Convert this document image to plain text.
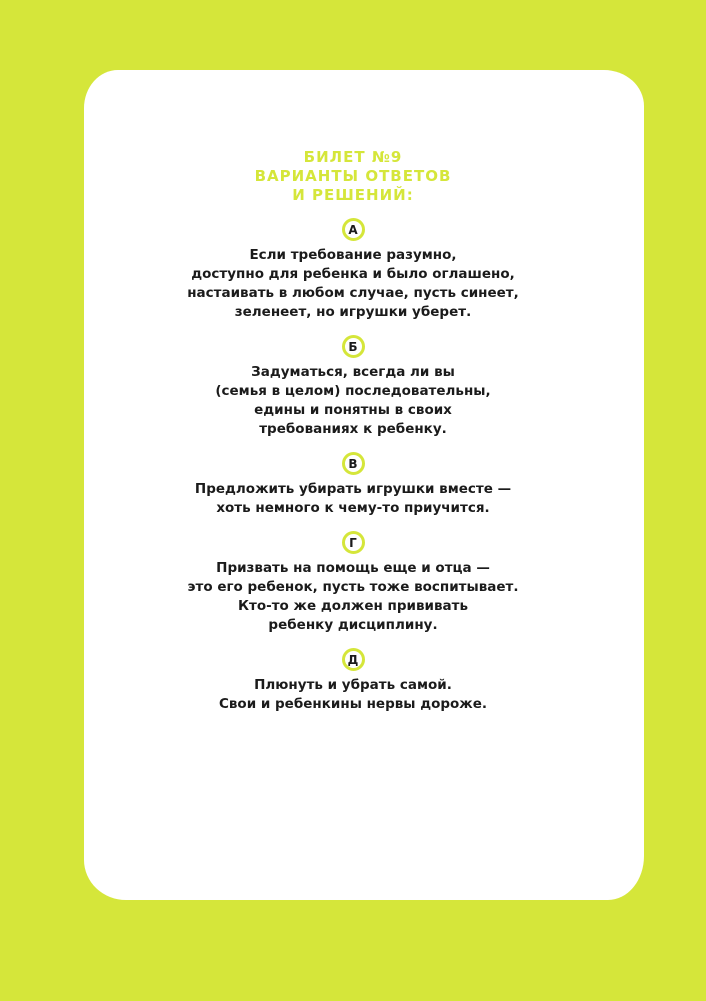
БИЛЕТ №9
ВАРИАНТЫ ОТВЕТОВ
И РЕШЕНИЙ:
А
Если требование разумно,
доступно для ребенка и было оглашено,
настаивать в любом случае, пусть синеет,
зеленеет, но игрушки уберет.
Б
Задуматься, всегда ли вы
(семья в целом) последовательны,
едины и понятны в своих
требованиях к ребенку.
В
Предложить убирать игрушки вместе —
хоть немного к чему-то приучится.
Г
Призвать на помощь еще и отца —
это его ребенок, пусть тоже воспитывает.
Кто-то же должен прививать
ребенку дисциплину.
Д
Плюнуть и убрать самой.
Свои и ребенкины нервы дороже.
